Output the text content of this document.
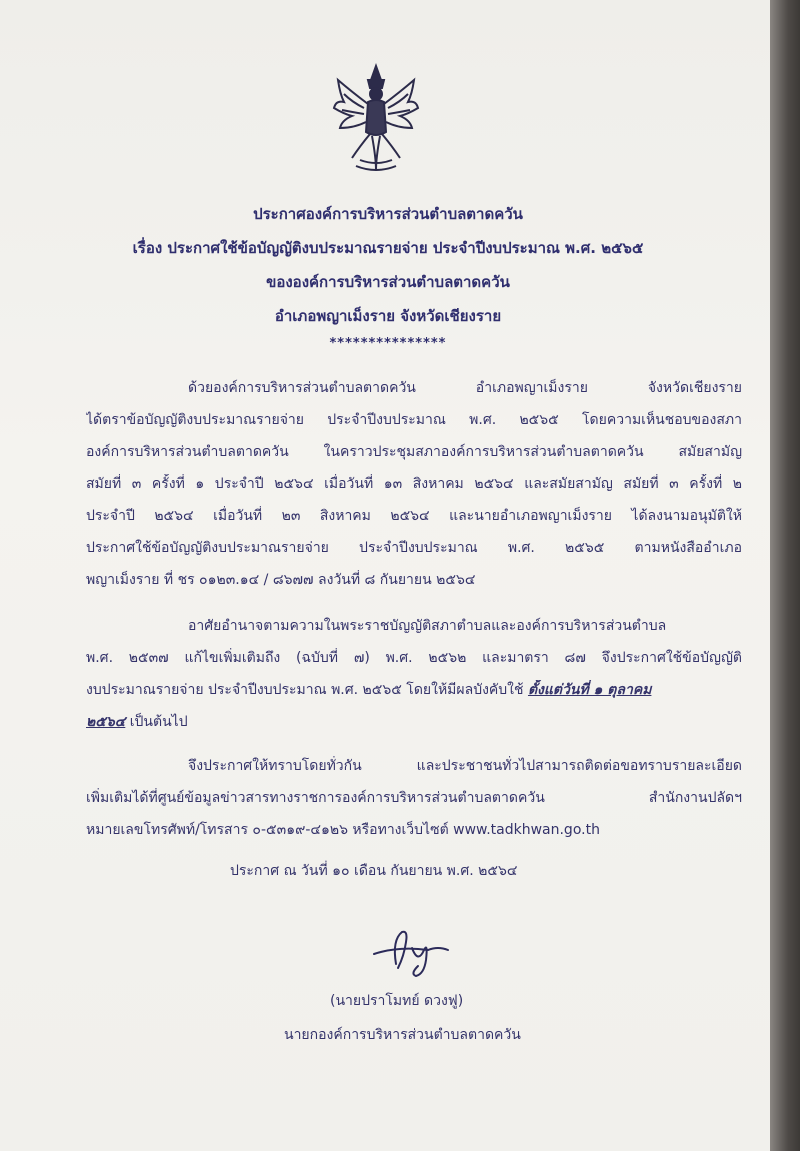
ประกาศองค์การบริหารส่วนตำบลตาดควัน
เรื่อง ประกาศใช้ข้อบัญญัติงบประมาณรายจ่าย ประจำปีงบประมาณ พ.ศ. ๒๕๖๕
ขององค์การบริหารส่วนตำบลตาดควัน
อำเภอพญาเม็งราย จังหวัดเชียงราย
***************
ด้วยองค์การบริหารส่วนตำบลตาดควัน อำเภอพญาเม็งราย จังหวัดเชียงราย
ได้ตราข้อบัญญัติงบประมาณรายจ่าย ประจำปีงบประมาณ พ.ศ. ๒๕๖๕ โดยความเห็นชอบของสภา
องค์การบริหารส่วนตำบลตาดควัน ในคราวประชุมสภาองค์การบริหารส่วนตำบลตาดควัน สมัยสามัญ
สมัยที่ ๓ ครั้งที่ ๑ ประจำปี ๒๕๖๔ เมื่อวันที่ ๑๓ สิงหาคม ๒๕๖๔ และสมัยสามัญ สมัยที่ ๓ ครั้งที่ ๒
ประจำปี ๒๕๖๔ เมื่อวันที่ ๒๓ สิงหาคม ๒๕๖๔ และนายอำเภอพญาเม็งราย ได้ลงนามอนุมัติให้
ประกาศใช้ข้อบัญญัติงบประมาณรายจ่าย ประจำปีงบประมาณ พ.ศ. ๒๕๖๕ ตามหนังสืออำเภอ
พญาเม็งราย ที่ ชร ๐๑๒๓.๑๔ / ๘๖๗๗ ลงวันที่ ๘ กันยายน ๒๕๖๔
อาศัยอำนาจตามความในพระราชบัญญัติสภาตำบลและองค์การบริหารส่วนตำบล
พ.ศ. ๒๕๓๗ แก้ไขเพิ่มเติมถึง (ฉบับที่ ๗) พ.ศ. ๒๕๖๒ และมาตรา ๘๗ จึงประกาศใช้ข้อบัญญัติ
งบประมาณรายจ่าย ประจำปีงบประมาณ พ.ศ. ๒๕๖๕ โดยให้มีผลบังคับใช้ ตั้งแต่วันที่ ๑ ตุลาคม
๒๕๖๔ เป็นต้นไป
จึงประกาศให้ทราบโดยทั่วกัน และประชาชนทั่วไปสามารถติดต่อขอทราบรายละเอียด
เพิ่มเติมได้ที่ศูนย์ข้อมูลข่าวสารทางราชการองค์การบริหารส่วนตำบลตาดควัน สำนักงานปลัดฯ
หมายเลขโทรศัพท์/โทรสาร ๐-๕๓๑๙-๔๑๒๖ หรือทางเว็บไซต์ www.tadkhwan.go.th
ประกาศ ณ วันที่ ๑๐ เดือน กันยายน พ.ศ. ๒๕๖๔
(นายปราโมทย์ ดวงฟู)
นายกองค์การบริหารส่วนตำบลตาดควัน
